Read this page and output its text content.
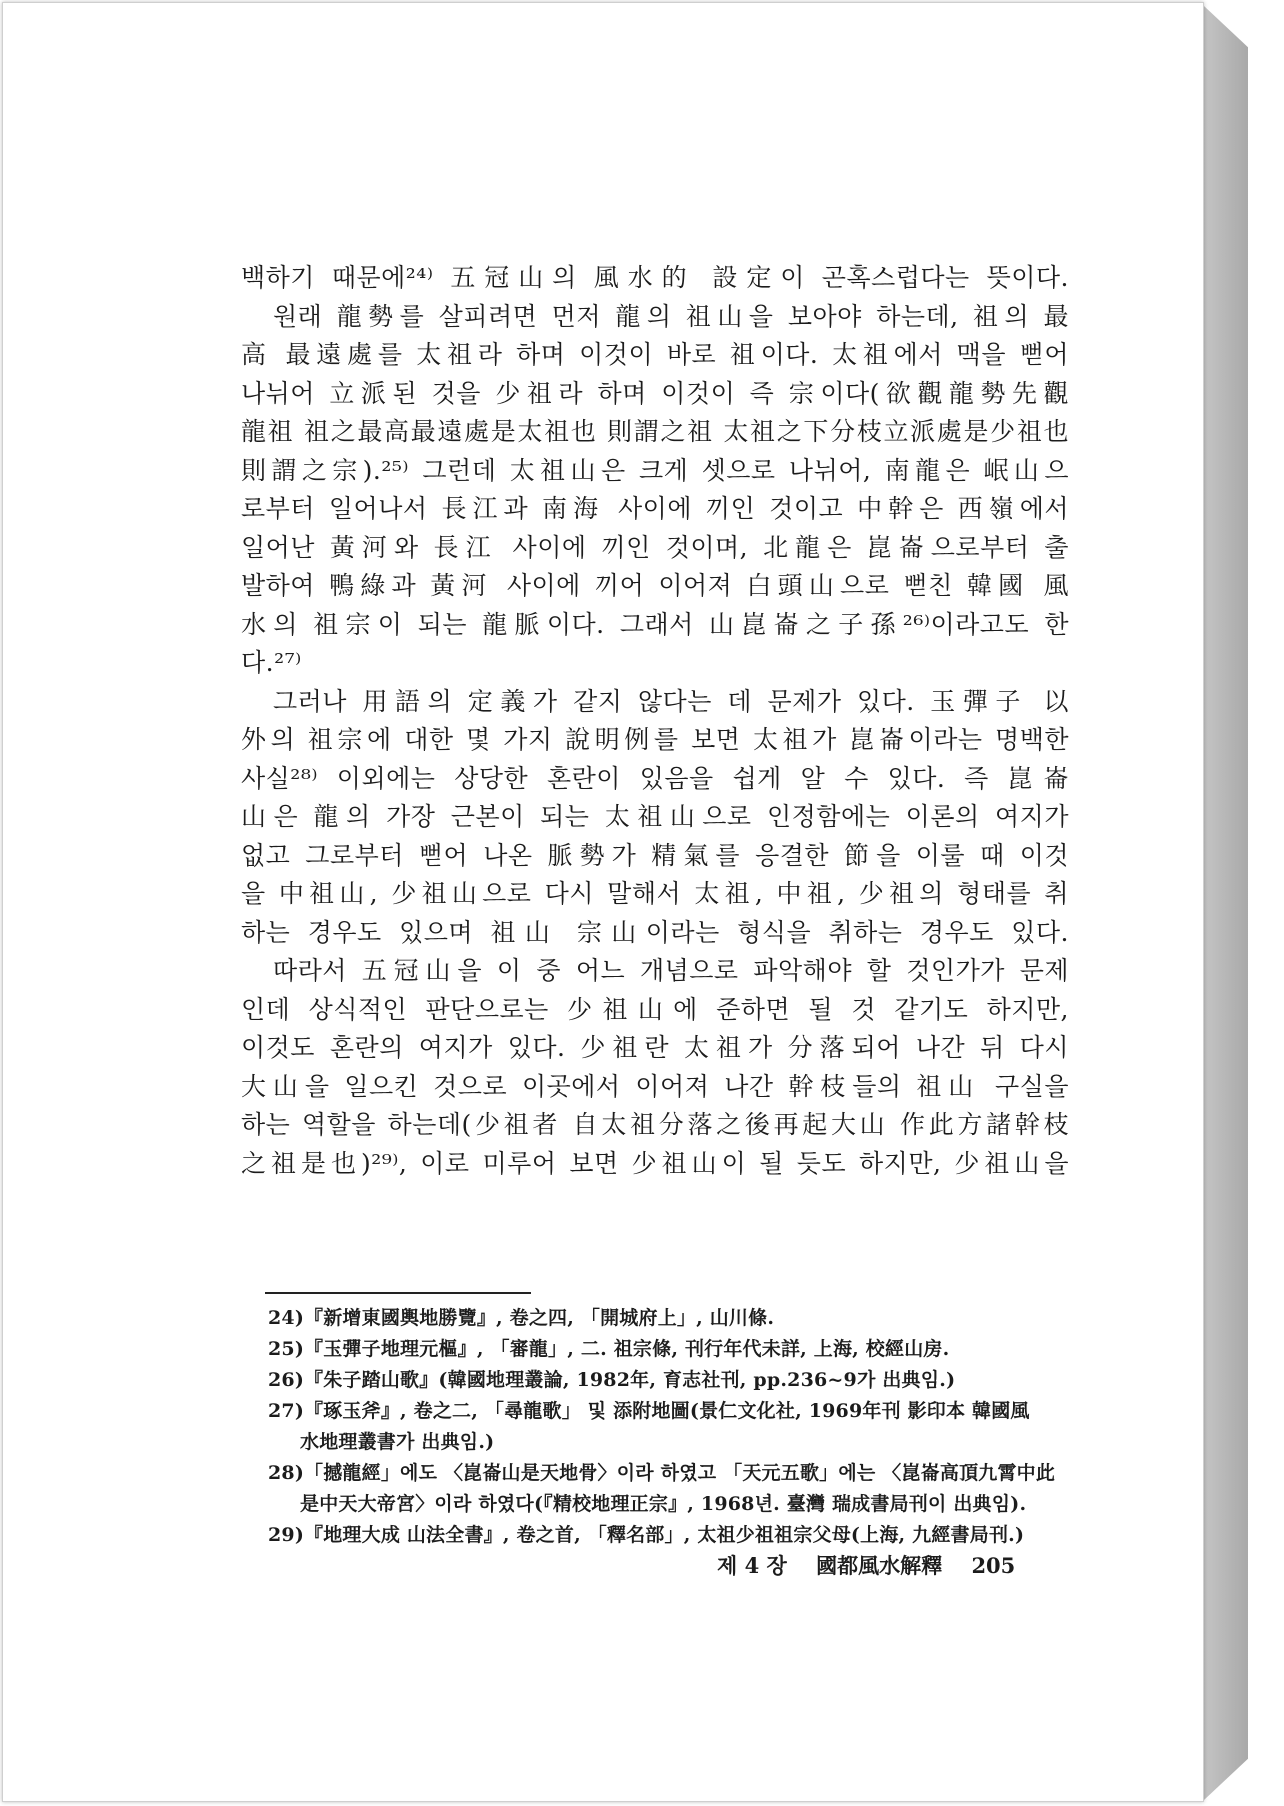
백하기 때문에²⁴⁾ 五冠山의 風水的 設定이 곤혹스럽다는 뜻이다.
원래 龍勢를 살피려면 먼저 龍의 祖山을 보아야 하는데, 祖의 最
高 最遠處를 太祖라 하며 이것이 바로 祖이다. 太祖에서 맥을 뻗어
나뉘어 立派된 것을 少祖라 하며 이것이 즉 宗이다(欲觀龍勢先觀
龍祖 祖之最高最遠處是太祖也 則謂之祖 太祖之下分枝立派處是少祖也
則謂之宗).²⁵⁾ 그런데 太祖山은 크게 셋으로 나뉘어, 南龍은 岷山으
로부터 일어나서 長江과 南海 사이에 끼인 것이고 中幹은 西嶺에서
일어난 黃河와 長江 사이에 끼인 것이며, 北龍은 崑崙으로부터 출
발하여 鴨綠과 黃河 사이에 끼어 이어져 白頭山으로 뻗친 韓國 風
水의 祖宗이 되는 龍脈이다. 그래서 山崑崙之子孫²⁶⁾이라고도 한
다.²⁷⁾
그러나 用語의 定義가 같지 않다는 데 문제가 있다. 玉彈子 以
外의 祖宗에 대한 몇 가지 說明例를 보면 太祖가 崑崙이라는 명백한
사실²⁸⁾ 이외에는 상당한 혼란이 있음을 쉽게 알 수 있다. 즉 崑崙
山은 龍의 가장 근본이 되는 太祖山으로 인정함에는 이론의 여지가
없고 그로부터 뻗어 나온 脈勢가 精氣를 응결한 節을 이룰 때 이것
을 中祖山, 少祖山으로 다시 말해서 太祖, 中祖, 少祖의 형태를 취
하는 경우도 있으며 祖山 宗山이라는 형식을 취하는 경우도 있다.
따라서 五冠山을 이 중 어느 개념으로 파악해야 할 것인가가 문제
인데 상식적인 판단으로는 少祖山에 준하면 될 것 같기도 하지만,
이것도 혼란의 여지가 있다. 少祖란 太祖가 分落되어 나간 뒤 다시
大山을 일으킨 것으로 이곳에서 이어져 나간 幹枝들의 祖山 구실을
하는 역할을 하는데(少祖者 自太祖分落之後再起大山 作此方諸幹枝
之祖是也)²⁹⁾, 이로 미루어 보면 少祖山이 될 듯도 하지만, 少祖山을
24)『新增東國輿地勝覽』, 卷之四, 「開城府上」, 山川條.
25)『玉彈子地理元樞』, 「審龍」, 二. 祖宗條, 刊行年代未詳, 上海, 校經山房.
26)『朱子踏山歌』(韓國地理叢論, 1982年, 育志社刊, pp.236~9가 出典임.)
27)『琢玉斧』, 卷之二, 「尋龍歌」 및 添附地圖(景仁文化社, 1969年刊 影印本 韓國風
水地理叢書가 出典임.)
28)「撼龍經」에도 〈崑崙山是天地骨〉이라 하였고 「天元五歌」에는 〈崑崙高頂九霄中此
是中天大帝宮〉이라 하였다(『精校地理正宗』, 1968년. 臺灣 瑞成書局刊이 出典임).
29)『地理大成 山法全書』, 卷之首, 「釋名部」, 太祖少祖祖宗父母(上海, 九經書局刊.)
제 4 장 國都風水解釋 205
